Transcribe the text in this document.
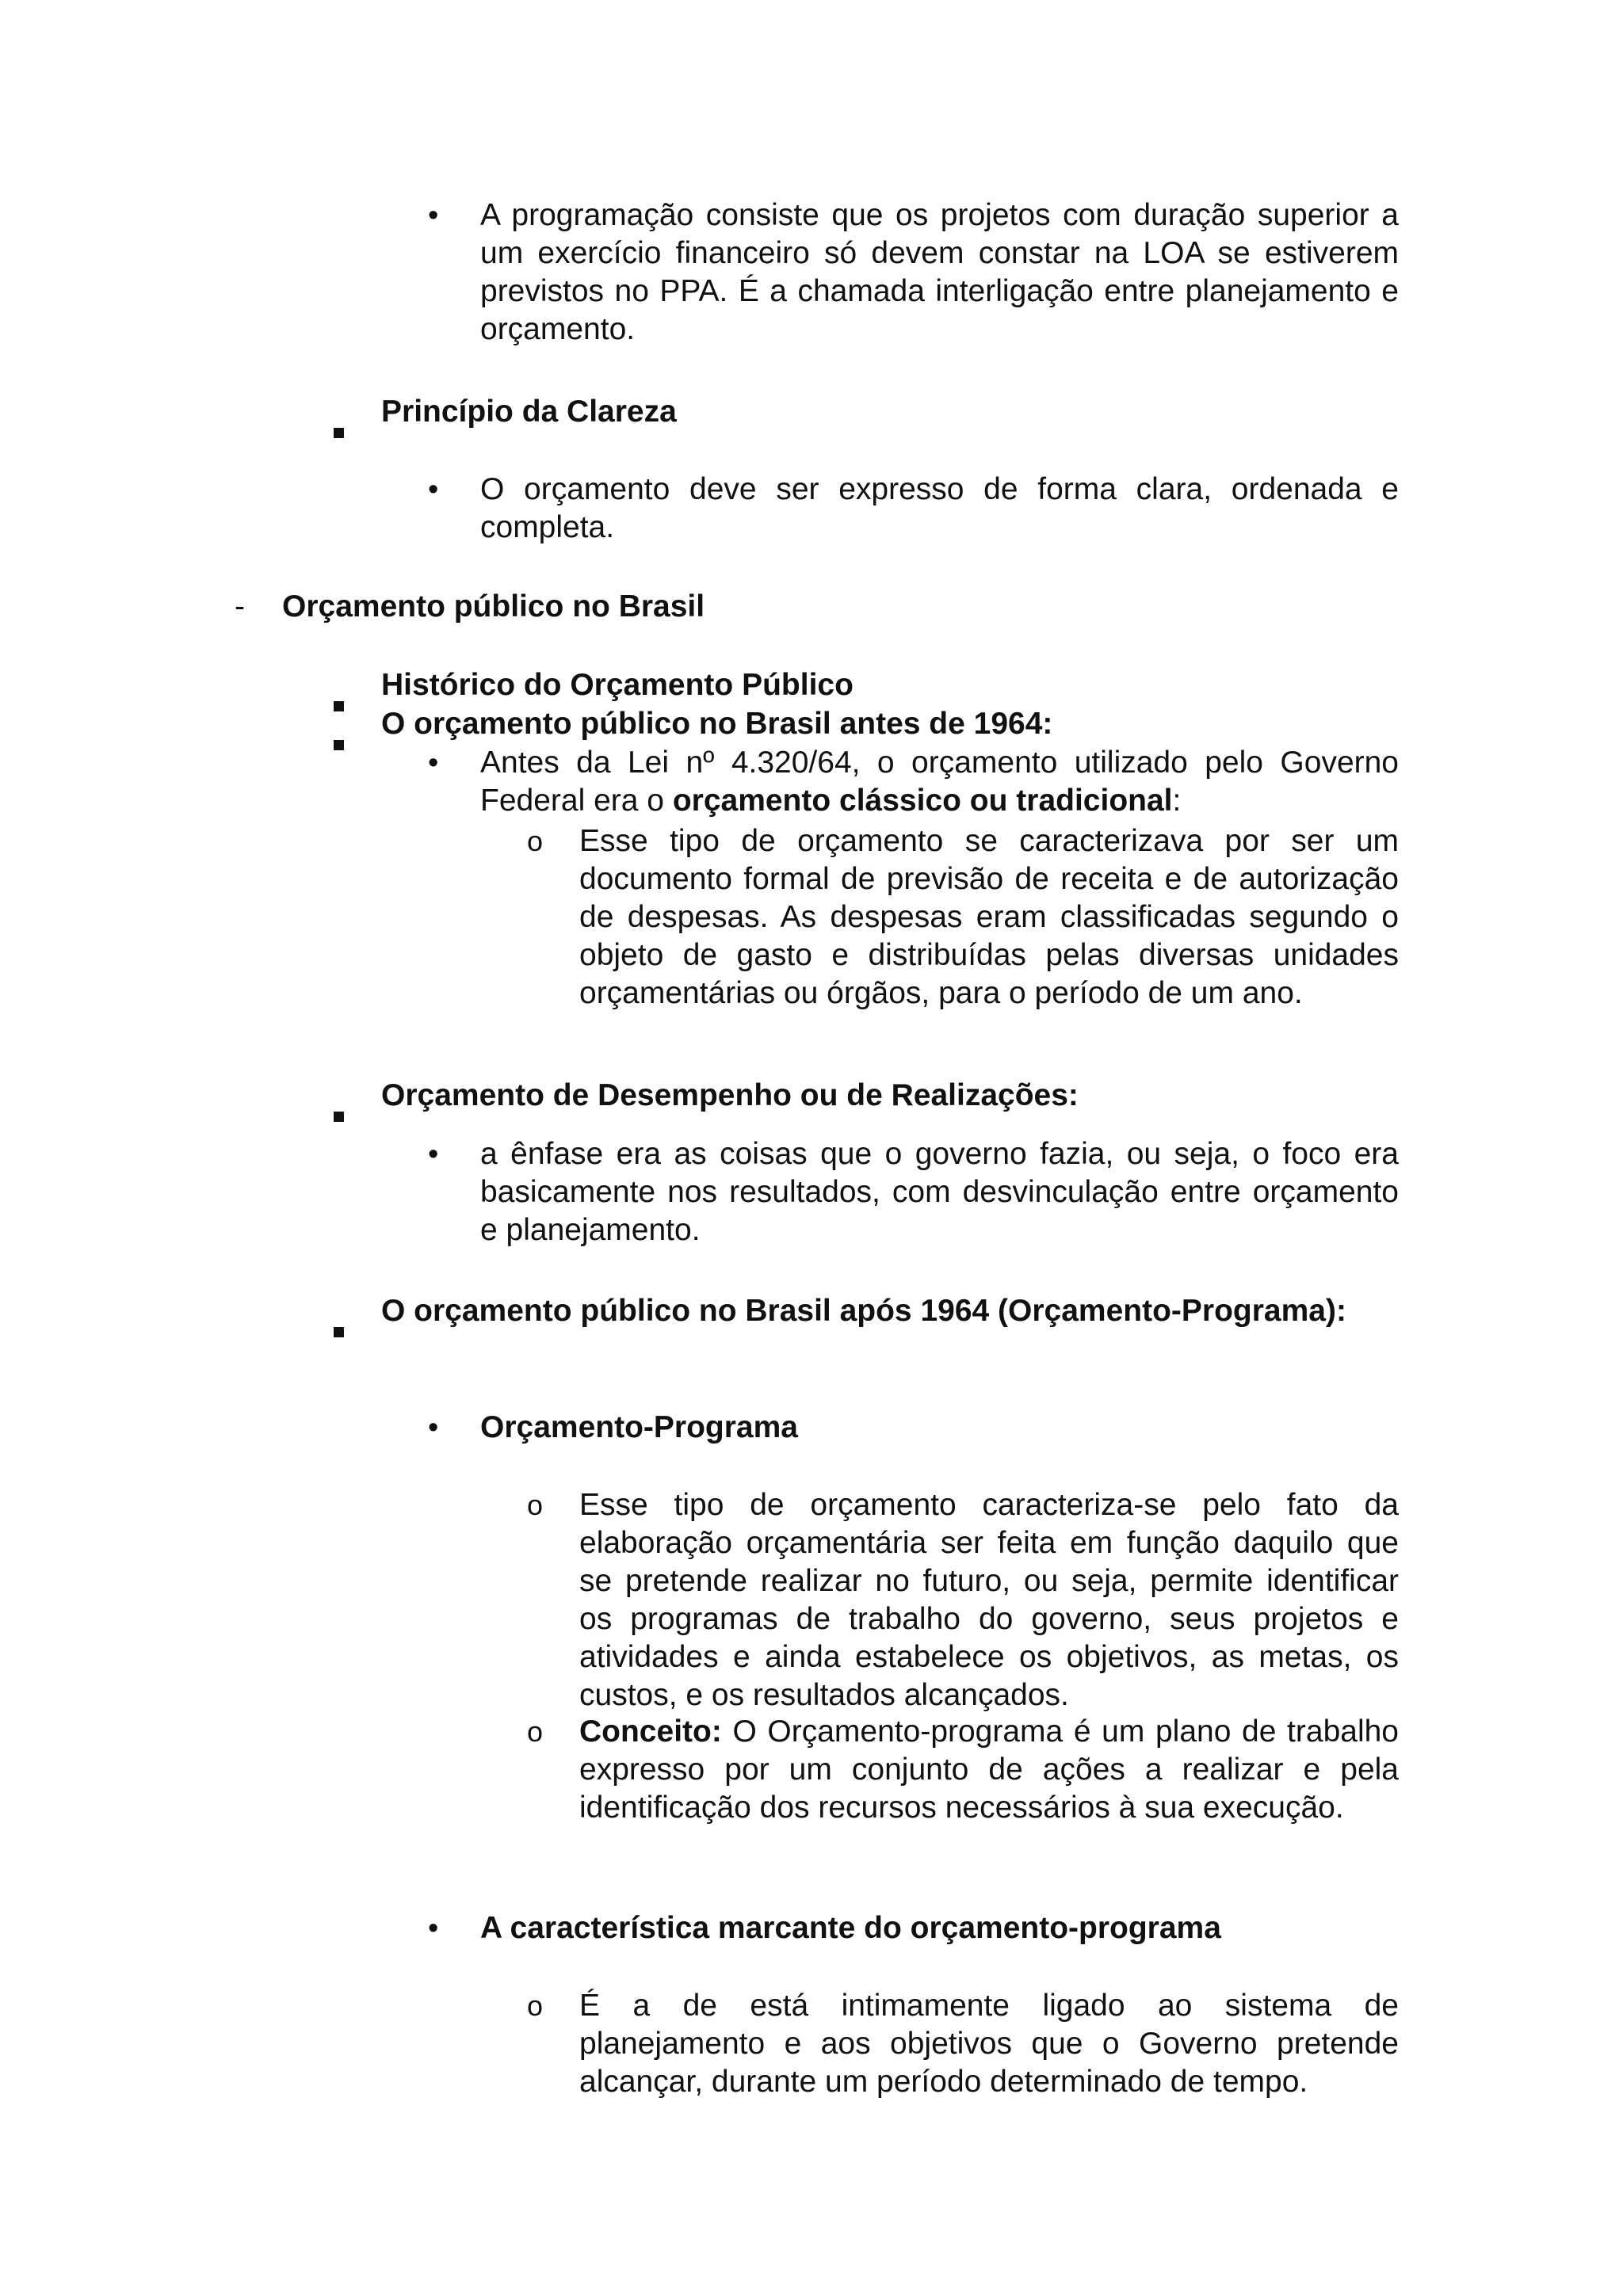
• A programação consiste que os projetos com duração superior a um exercício financeiro só devem constar na LOA se estiverem previstos no PPA. É a chamada interligação entre planejamento e orçamento.
Princípio da Clareza
• O orçamento deve ser expresso de forma clara, ordenada e completa.
- Orçamento público no Brasil
Histórico do Orçamento Público
O orçamento público no Brasil antes de 1964:
• Antes da Lei nº 4.320/64, o orçamento utilizado pelo Governo Federal era o orçamento clássico ou tradicional:
o Esse tipo de orçamento se caracterizava por ser um documento formal de previsão de receita e de autorização de despesas. As despesas eram classificadas segundo o objeto de gasto e distribuídas pelas diversas unidades orçamentárias ou órgãos, para o período de um ano.
Orçamento de Desempenho ou de Realizações:
• a ênfase era as coisas que o governo fazia, ou seja, o foco era basicamente nos resultados, com desvinculação entre orçamento e planejamento.
O orçamento público no Brasil após 1964 (Orçamento-Programa):
• Orçamento-Programa
o Esse tipo de orçamento caracteriza-se pelo fato da elaboração orçamentária ser feita em função daquilo que se pretende realizar no futuro, ou seja, permite identificar os programas de trabalho do governo, seus projetos e atividades e ainda estabelece os objetivos, as metas, os custos, e os resultados alcançados.
o Conceito: O Orçamento-programa é um plano de trabalho expresso por um conjunto de ações a realizar e pela identificação dos recursos necessários à sua execução.
• A característica marcante do orçamento-programa
o É a de está intimamente ligado ao sistema de planejamento e aos objetivos que o Governo pretende alcançar, durante um período determinado de tempo.
